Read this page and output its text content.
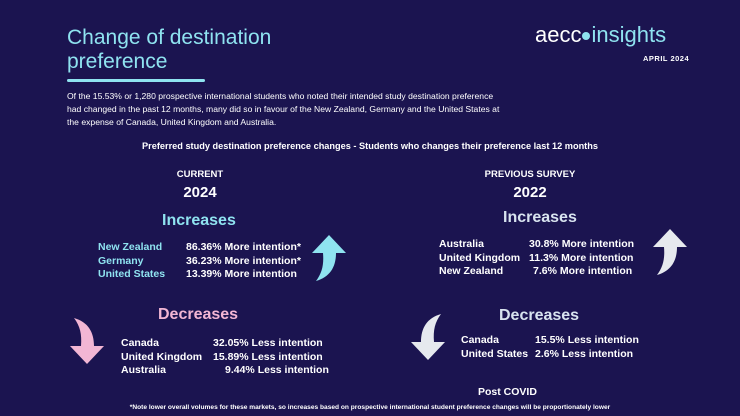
Change of destination preference
aecc insights
APRIL 2024
Of the 15.53% or 1,280 prospective international students who noted their intended study destination preference had changed in the past 12 months, many did so in favour of the New Zealand, Germany and the United States at the expense of Canada, United Kingdom and Australia.
Preferred study destination preference changes - Students who changes their preference last 12 months
CURRENT
2024
Increases
New Zealand 86.36% More intention*
Germany	36.23% More intention*
United States 13.39% More intention
Decreases
Canada	32.05% Less intention
United Kingdom 15.89% Less intention
Australia	9.44% Less intention
PREVIOUS SURVEY
2022
Increases
Australia	30.8% More intention
United Kingdom 11.3% More intention
New Zealand	7.6% More intention
Decreases
Canada	15.5% Less intention
United States 2.6% Less intention
Post COVID
*Note lower overall volumes for these markets, so increases based on prospective international student preference changes will be proportionately lower
